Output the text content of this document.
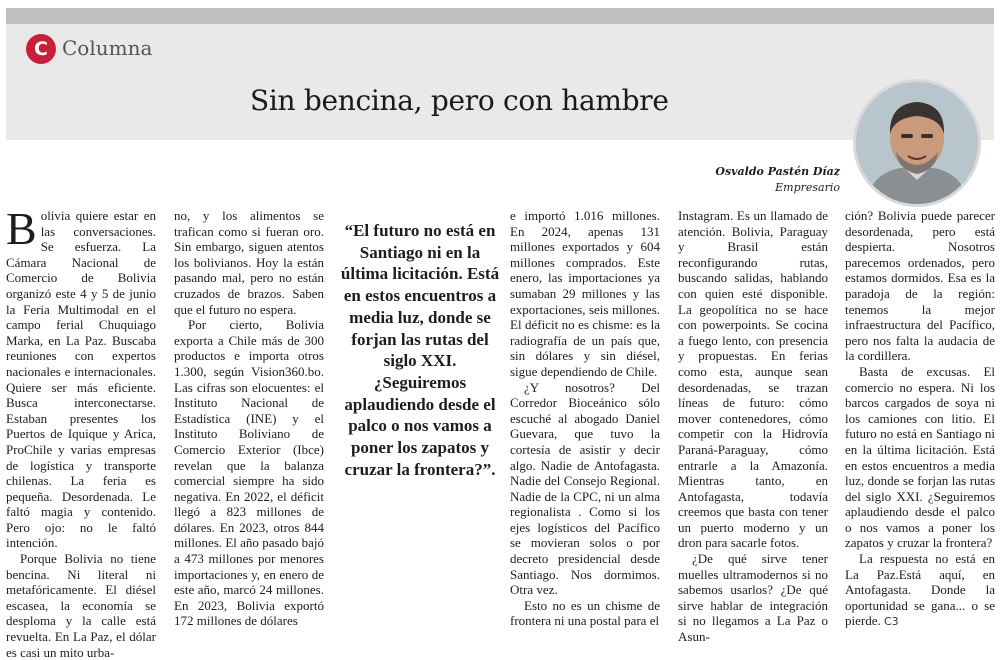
C Columna
Sin bencina, pero con hambre
Osvaldo Pastén Díaz
Empresario

Bolivia quiere estar en las conversaciones. Se esfuerza. La Cámara Nacional de Comercio de Bolivia organizó este 4 y 5 de junio la Feria Multimodal en el campo ferial Chuquiago Marka, en La Paz. Buscaba reuniones con expertos nacionales e internacionales. Quiere ser más eficiente. Busca interconectarse. Estaban presentes los Puertos de Iquique y Arica, ProChile y varias empresas de logística y transporte chilenas. La feria es pequeña. Desordenada. Le faltó magia y contenido. Pero ojo: no le faltó intención.

Porque Bolivia no tiene bencina. Ni literal ni metafóricamente. El diésel escasea, la economía se desploma y la calle está revuelta. En La Paz, el dólar es casi un mito urba-

no, y los alimentos se trafican como si fueran oro. Sin embargo, siguen atentos los bolivianos. Hoy la están pasando mal, pero no están cruzados de brazos. Saben que el futuro no espera.

Por cierto, Bolivia exporta a Chile más de 300 productos e importa otros 1.300, según Vision360.bo. Las cifras son elocuentes: el Instituto Nacional de Estadística (INE) y el Instituto Boliviano de Comercio Exterior (Ibce) revelan que la balanza comercial siempre ha sido negativa. En 2022, el déficit llegó a 823 millones de dólares. En 2023, otros 844 millones. El año pasado bajó a 473 millones por menores importaciones y, en enero de este año, marcó 24 millones. En 2023, Bolivia exportó 172 millones de dólares

“El futuro no está en Santiago ni en la última licitación. Está en estos encuentros a media luz, donde se forjan las rutas del siglo XXI. ¿Seguiremos aplaudiendo desde el palco o nos vamos a poner los zapatos y cruzar la frontera?”.

e importó 1.016 millones. En 2024, apenas 131 millones exportados y 604 millones comprados. Este enero, las importaciones ya sumaban 29 millones y las exportaciones, seis millones. El déficit no es chisme: es la radiografía de un país que, sin dólares y sin diésel, sigue dependiendo de Chile.

¿Y nosotros? Del Corredor Bioceánico sólo escuché al abogado Daniel Guevara, que tuvo la cortesía de asistir y decir algo. Nadie de Antofagasta. Nadie del Consejo Regional. Nadie de la CPC, ni un alma regionalista . Como si los ejes logísticos del Pacífico se movieran solos o por decreto presidencial desde Santiago. Nos dormimos. Otra vez.

Esto no es un chisme de frontera ni una postal para el

Instagram. Es un llamado de atención. Bolivia, Paraguay y Brasil están reconfigurando rutas, buscando salidas, hablando con quien esté disponible. La geopolítica no se hace con powerpoints. Se cocina a fuego lento, con presencia y propuestas. En ferias como esta, aunque sean desordenadas, se trazan líneas de futuro: cómo mover contenedores, cómo competir con la Hidrovía Paraná-Paraguay, cómo entrarle a la Amazonía. Mientras tanto, en Antofagasta, todavía creemos que basta con tener un puerto moderno y un dron para sacarle fotos.

¿De qué sirve tener muelles ultramodernos si no sabemos usarlos? ¿De qué sirve hablar de integración si no llegamos a La Paz o Asun-

ción? Bolivia puede parecer desordenada, pero está despierta. Nosotros parecemos ordenados, pero estamos dormidos. Esa es la paradoja de la región: tenemos la mejor infraestructura del Pacífico, pero nos falta la audacia de la cordillera.

Basta de excusas. El comercio no espera. Ni los barcos cargados de soya ni los camiones con litio. El futuro no está en Santiago ni en la última licitación. Está en estos encuentros a media luz, donde se forjan las rutas del siglo XXI. ¿Seguiremos aplaudiendo desde el palco o nos vamos a poner los zapatos y cruzar la frontera?

La respuesta no está en La Paz.Está aquí, en Antofagasta. Donde la oportunidad se gana... o se pierde. C3
